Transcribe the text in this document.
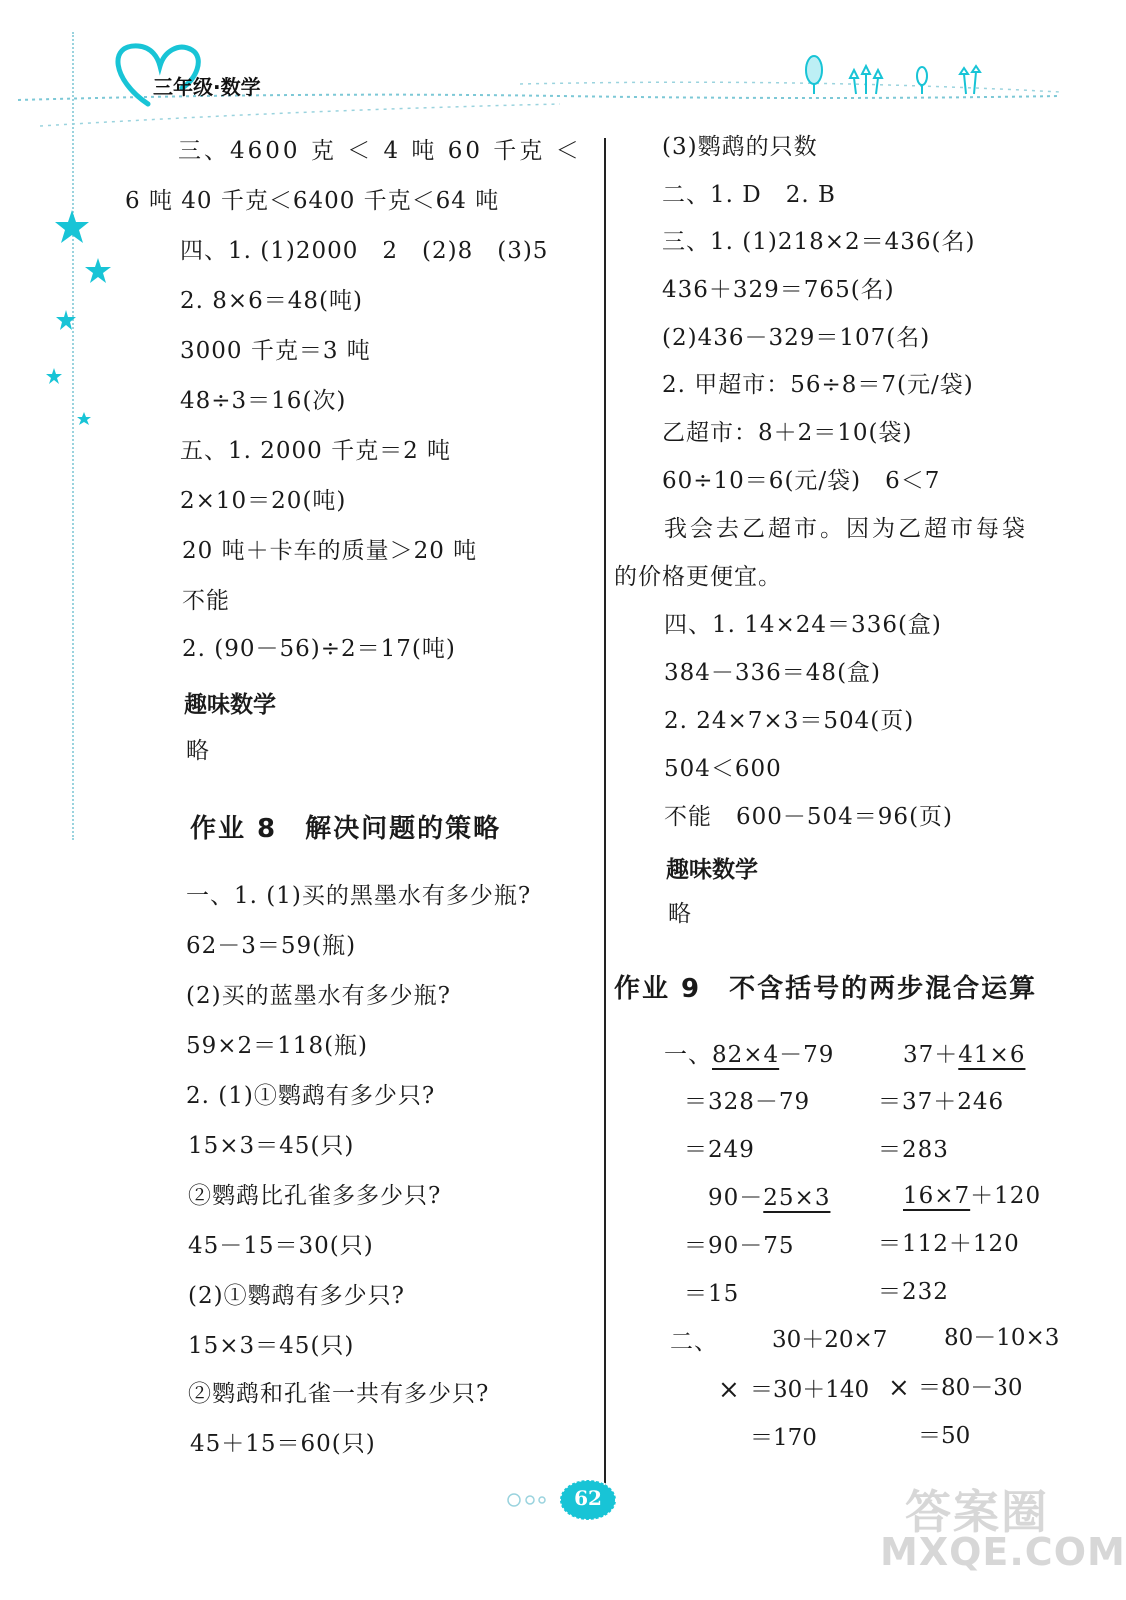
三年级·数学
三、4600 克 ＜ 4 吨 60 千克 ＜
6 吨 40 千克＜6400 千克＜64 吨
四、1. (1)2000　2　(2)8　(3)5
2. 8×6＝48(吨)
3000 千克＝3 吨
48÷3＝16(次)
五、1. 2000 千克＝2 吨
2×10＝20(吨)
20 吨＋卡车的质量＞20 吨
不能
2. (90－56)÷2＝17(吨)
趣味数学
略
作业 8　解决问题的策略
一、1. (1)买的黑墨水有多少瓶?
62－3＝59(瓶)
(2)买的蓝墨水有多少瓶?
59×2＝118(瓶)
2. (1)①鹦鹉有多少只?
15×3＝45(只)
②鹦鹉比孔雀多多少只?
45－15＝30(只)
(2)①鹦鹉有多少只?
15×3＝45(只)
②鹦鹉和孔雀一共有多少只?
45＋15＝60(只)
(3)鹦鹉的只数
二、1. D　2. B
三、1. (1)218×2＝436(名)
436＋329＝765(名)
(2)436－329＝107(名)
2. 甲超市：56÷8＝7(元/袋)
乙超市：8＋2＝10(袋)
60÷10＝6(元/袋)　6＜7
我会去乙超市。因为乙超市每袋
的价格更便宜。
四、1. 14×24＝336(盒)
384－336＝48(盒)
2. 24×7×3＝504(页)
504＜600
不能　600－504＝96(页)
趣味数学
略
作业 9　不含括号的两步混合运算
一、82×4－79
＝328－79
＝249
37＋41×6
＝37＋246
＝283
90－25×3
＝90－75
＝15
16×7＋120
＝112＋120
＝232
二、 30＋20×7 80－10×3
× ＝30＋140 × ＝80－30
＝170	＝50
62	答案圈
MXQE.COM
